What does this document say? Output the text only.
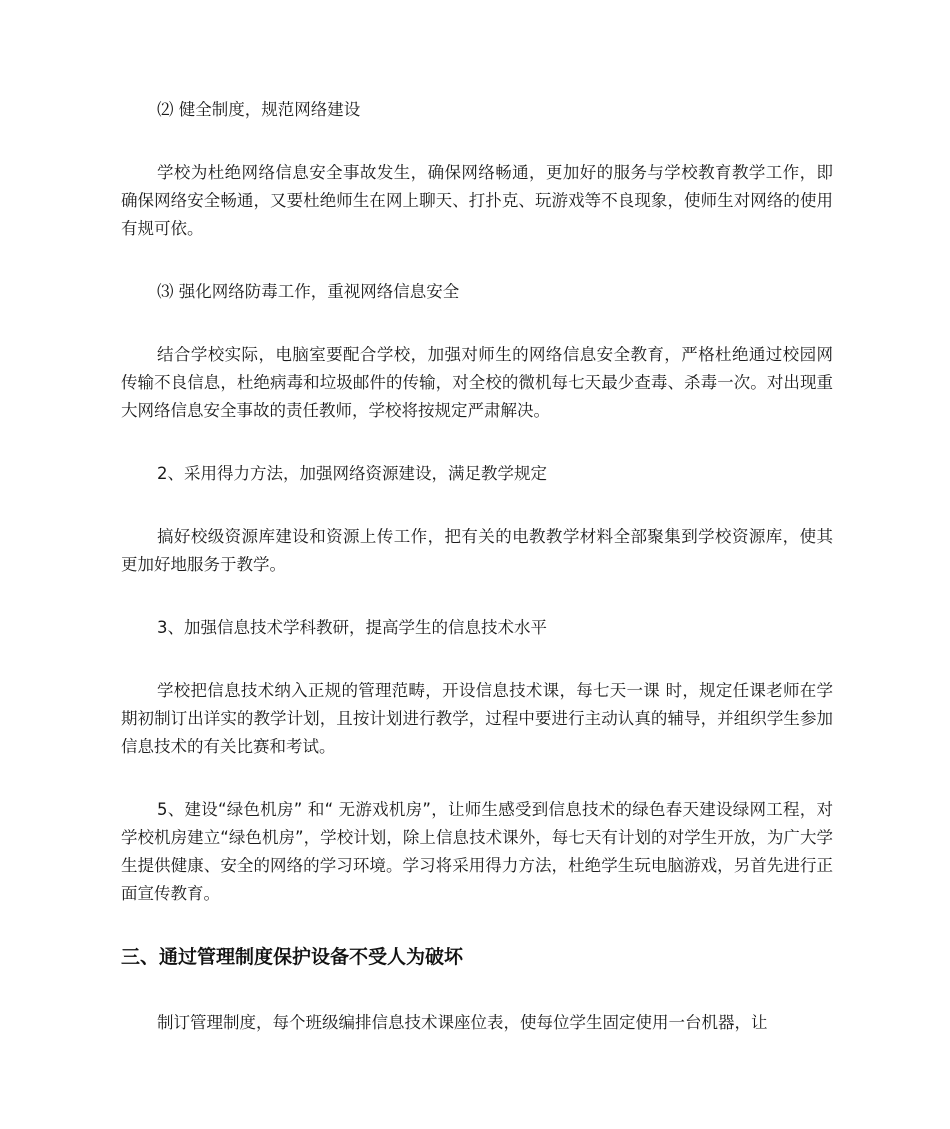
⑵ 健全制度，规范网络建设

学校为杜绝网络信息安全事故发生，确保网络畅通，更加好的服务与学校教育教学工作，即确保网络安全畅通，又要杜绝师生在网上聊天、打扑克、玩游戏等不良现象，使师生对网络的使用有规可依。

⑶ 强化网络防毒工作，重视网络信息安全

结合学校实际，电脑室要配合学校，加强对师生的网络信息安全教育，严格杜绝通过校园网传输不良信息，杜绝病毒和垃圾邮件的传输，对全校的微机每七天最少查毒、杀毒一次。对出现重大网络信息安全事故的责任教师，学校将按规定严肃解决。

2、采用得力方法，加强网络资源建设，满足教学规定

搞好校级资源库建设和资源上传工作，把有关的电教教学材料全部聚集到学校资源库，使其更加好地服务于教学。

3、加强信息技术学科教研，提高学生的信息技术水平

学校把信息技术纳入正规的管理范畴，开设信息技术课，每七天一课 时，规定任课老师在学期初制订出详实的教学计划，且按计划进行教学，过程中要进行主动认真的辅导，并组织学生参加信息技术的有关比赛和考试。

5、建设“绿色机房” 和“ 无游戏机房”，让师生感受到信息技术的绿色春天建设绿网工程，对学校机房建立“绿色机房”，学校计划，除上信息技术课外，每七天有计划的对学生开放，为广大学生提供健康、安全的网络的学习环境。学习将采用得力方法，杜绝学生玩电脑游戏，另首先进行正面宣传教育。

三、通过管理制度保护设备不受人为破坏

制订管理制度，每个班级编排信息技术课座位表，使每位学生固定使用一台机器，让
